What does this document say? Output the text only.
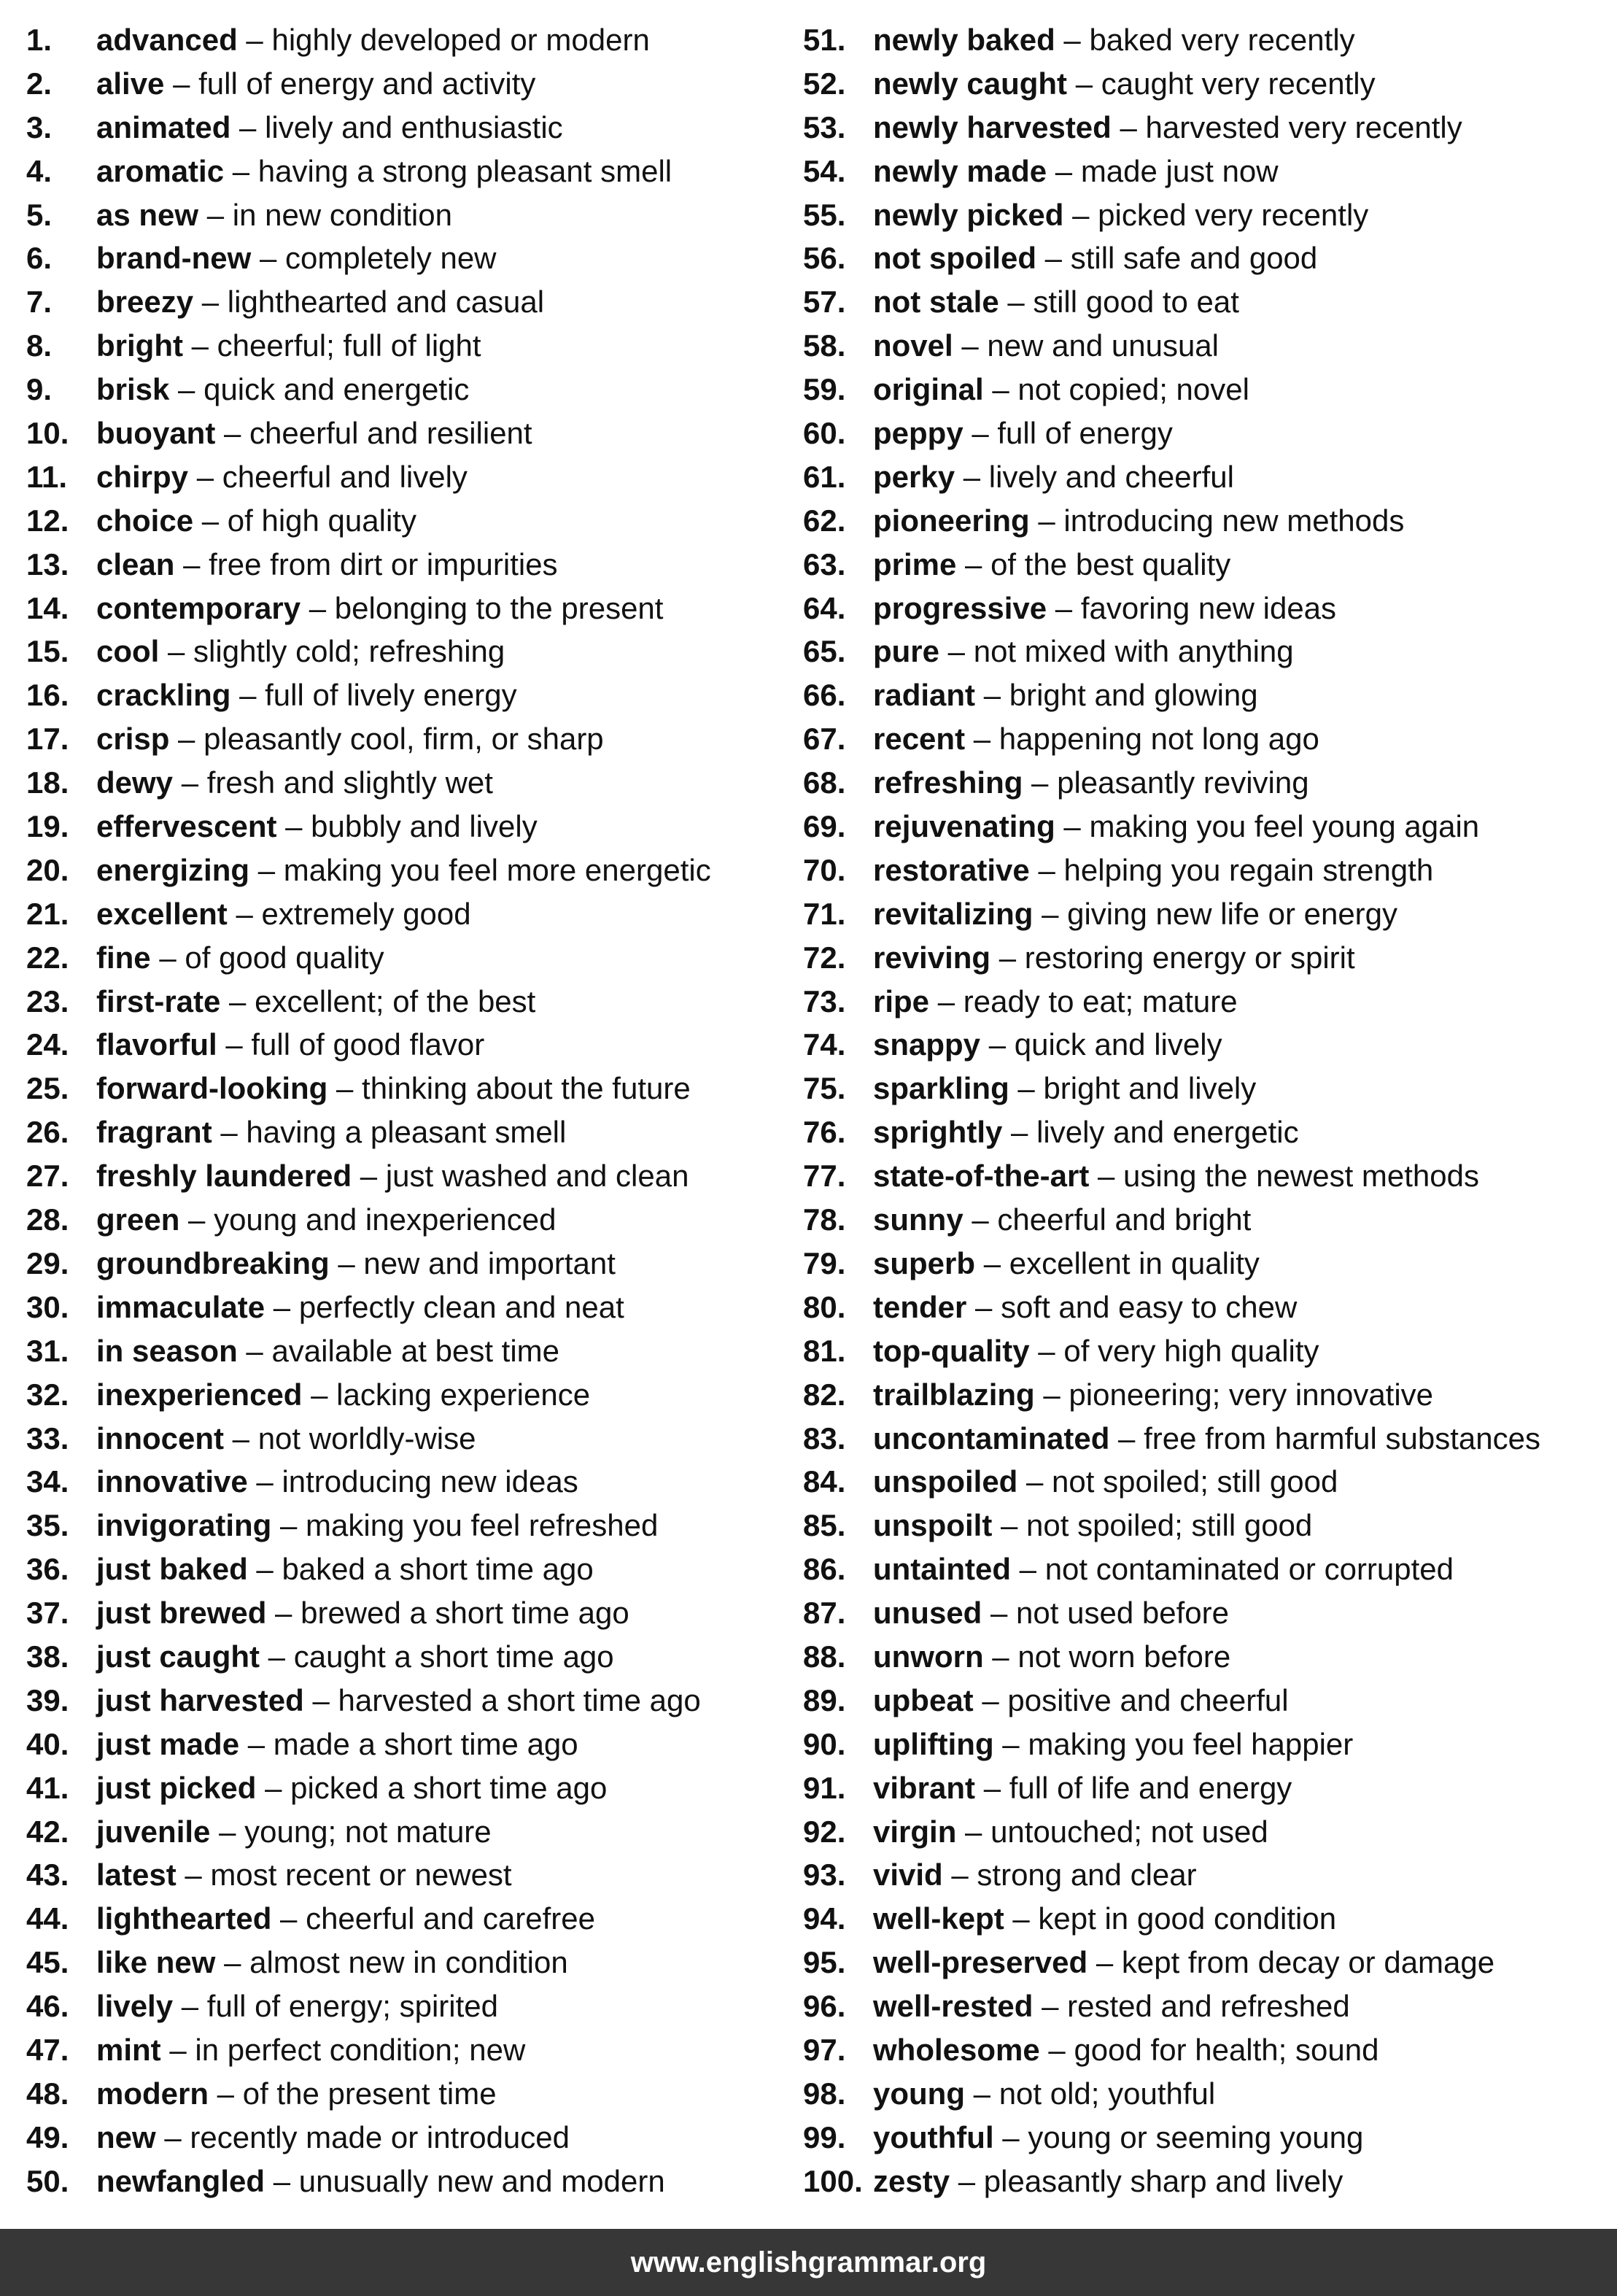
1.	advanced – highly developed or modern
2.	alive – full of energy and activity
3.	animated – lively and enthusiastic
4.	aromatic – having a strong pleasant smell
5.	as new – in new condition
6.	brand-new – completely new
7.	breezy – lighthearted and casual
8.	bright – cheerful; full of light
9.	brisk – quick and energetic
10. buoyant – cheerful and resilient
11. chirpy – cheerful and lively
12. choice – of high quality
13. clean – free from dirt or impurities
14. contemporary – belonging to the present
15. cool – slightly cold; refreshing
16. crackling – full of lively energy
17. crisp – pleasantly cool, firm, or sharp
18. dewy – fresh and slightly wet
19. effervescent – bubbly and lively
20. energizing – making you feel more energetic
21. excellent – extremely good
22. fine – of good quality
23. first-rate – excellent; of the best
24. flavorful – full of good flavor
25. forward-looking – thinking about the future
26. fragrant – having a pleasant smell
27. freshly laundered – just washed and clean
28. green – young and inexperienced
29. groundbreaking – new and important
30. immaculate – perfectly clean and neat
31. in season – available at best time
32. inexperienced – lacking experience
33. innocent – not worldly-wise
34. innovative – introducing new ideas
35. invigorating – making you feel refreshed
36. just baked – baked a short time ago
37. just brewed – brewed a short time ago
38. just caught – caught a short time ago
39. just harvested – harvested a short time ago
40. just made – made a short time ago
41. just picked – picked a short time ago
42. juvenile – young; not mature
43. latest – most recent or newest
44. lighthearted – cheerful and carefree
45. like new – almost new in condition
46. lively – full of energy; spirited
47. mint – in perfect condition; new
48. modern – of the present time
49. new – recently made or introduced
50. newfangled – unusually new and modern
51. newly baked – baked very recently
52. newly caught – caught very recently
53. newly harvested – harvested very recently
54. newly made – made just now
55. newly picked – picked very recently
56. not spoiled – still safe and good
57. not stale – still good to eat
58. novel – new and unusual
59. original – not copied; novel
60. peppy – full of energy
61. perky – lively and cheerful
62. pioneering – introducing new methods
63. prime – of the best quality
64. progressive – favoring new ideas
65. pure – not mixed with anything
66. radiant – bright and glowing
67. recent – happening not long ago
68. refreshing – pleasantly reviving
69. rejuvenating – making you feel young again
70. restorative – helping you regain strength
71. revitalizing – giving new life or energy
72. reviving – restoring energy or spirit
73. ripe – ready to eat; mature
74. snappy – quick and lively
75. sparkling – bright and lively
76. sprightly – lively and energetic
77. state-of-the-art – using the newest methods
78. sunny – cheerful and bright
79. superb – excellent in quality
80. tender – soft and easy to chew
81. top-quality – of very high quality
82. trailblazing – pioneering; very innovative
83. uncontaminated – free from harmful substances
84. unspoiled – not spoiled; still good
85. unspoilt – not spoiled; still good
86. untainted – not contaminated or corrupted
87. unused – not used before
88. unworn – not worn before
89. upbeat – positive and cheerful
90. uplifting – making you feel happier
91. vibrant – full of life and energy
92. virgin – untouched; not used
93. vivid – strong and clear
94. well-kept – kept in good condition
95. well-preserved – kept from decay or damage
96. well-rested – rested and refreshed
97. wholesome – good for health; sound
98. young – not old; youthful
99. youthful – young or seeming young
100. zesty – pleasantly sharp and lively
www.englishgrammar.org
